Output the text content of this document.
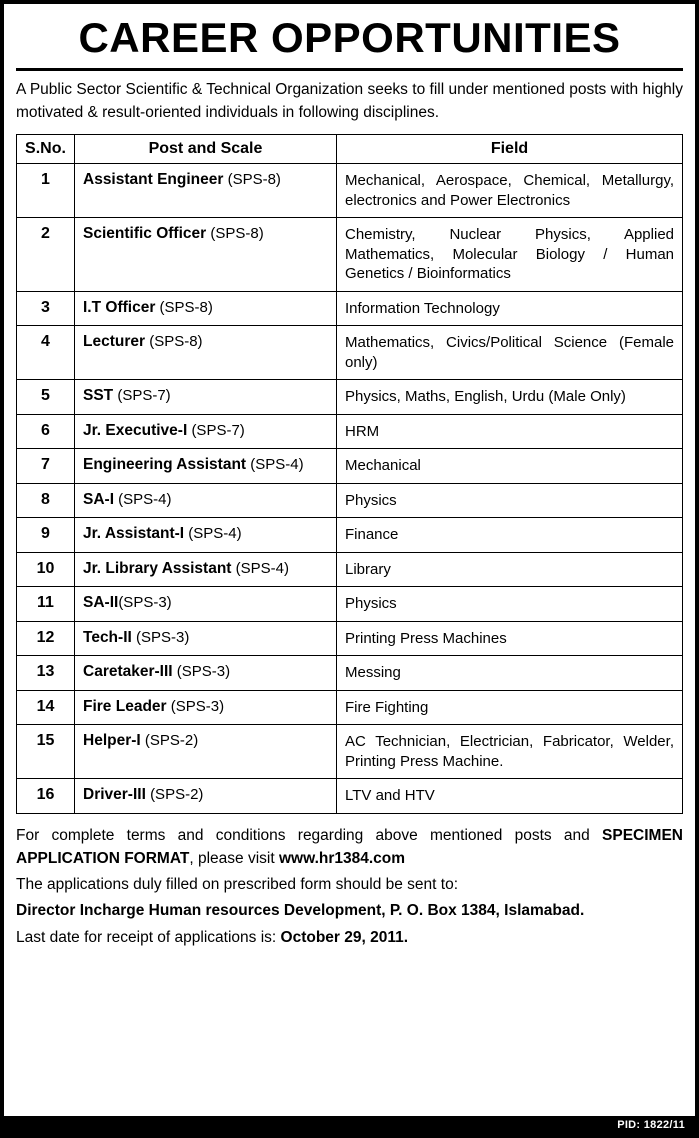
CAREER OPPORTUNITIES

A Public Sector Scientific & Technical Organization seeks to fill under mentioned posts with highly motivated & result-oriented individuals in following disciplines.

S.No.	Post and Scale	Field
1	Assistant Engineer (SPS-8)	Mechanical, Aerospace, Chemical, Metallurgy, electronics and Power Electronics
2	Scientific Officer (SPS-8)	Chemistry, Nuclear Physics, Applied Mathematics, Molecular Biology / Human Genetics / Bioinformatics
3	I.T Officer (SPS-8)	Information Technology
4	Lecturer (SPS-8)	Mathematics, Civics/Political Science (Female only)
5	SST (SPS-7)	Physics, Maths, English, Urdu (Male Only)
6	Jr. Executive-I (SPS-7)	HRM
7	Engineering Assistant (SPS-4)	Mechanical
8	SA-I (SPS-4)	Physics
9	Jr. Assistant-I (SPS-4)	Finance
10	Jr. Library Assistant (SPS-4)	Library
11	SA-II(SPS-3)	Physics
12	Tech-II (SPS-3)	Printing Press Machines
13	Caretaker-III (SPS-3)	Messing
14	Fire Leader (SPS-3)	Fire Fighting
15	Helper-I (SPS-2)	AC Technician, Electrician, Fabricator, Welder, Printing Press Machine.
16	Driver-III (SPS-2)	LTV and HTV

For complete terms and conditions regarding above mentioned posts and SPECIMEN APPLICATION FORMAT, please visit www.hr1384.com

The applications duly filled on prescribed form should be sent to:

Director Incharge Human resources Development, P. O. Box 1384, Islamabad.

Last date for receipt of applications is: October 29, 2011.

PID: 1822/11
